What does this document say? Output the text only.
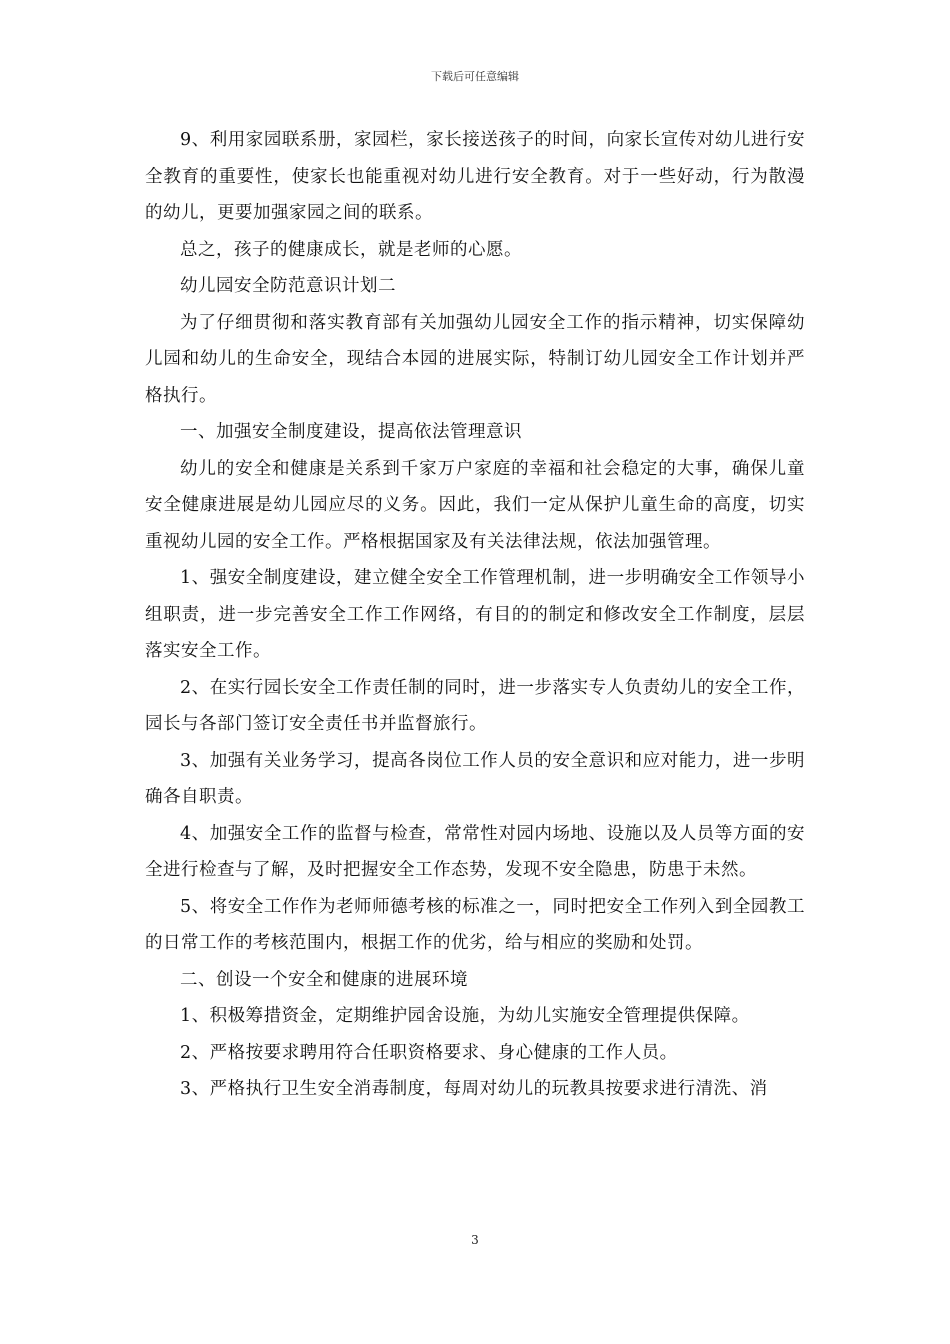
下载后可任意编辑

9、利用家园联系册，家园栏，家长接送孩子的时间，向家长宣传对幼儿进行安全教育的重要性，使家长也能重视对幼儿进行安全教育。对于一些好动，行为散漫的幼儿，更要加强家园之间的联系。

总之，孩子的健康成长，就是老师的心愿。

幼儿园安全防范意识计划二

为了仔细贯彻和落实教育部有关加强幼儿园安全工作的指示精神，切实保障幼儿园和幼儿的生命安全，现结合本园的进展实际，特制订幼儿园安全工作计划并严格执行。

一、加强安全制度建设，提高依法管理意识

幼儿的安全和健康是关系到千家万户家庭的幸福和社会稳定的大事，确保儿童安全健康进展是幼儿园应尽的义务。因此，我们一定从保护儿童生命的高度，切实重视幼儿园的安全工作。严格根据国家及有关法律法规，依法加强管理。

1、强安全制度建设，建立健全安全工作管理机制，进一步明确安全工作领导小组职责，进一步完善安全工作工作网络，有目的的制定和修改安全工作制度，层层落实安全工作。

2、在实行园长安全工作责任制的同时，进一步落实专人负责幼儿的安全工作，园长与各部门签订安全责任书并监督旅行。

3、加强有关业务学习，提高各岗位工作人员的安全意识和应对能力，进一步明确各自职责。

4、加强安全工作的监督与检查，常常性对园内场地、设施以及人员等方面的安全进行检查与了解，及时把握安全工作态势，发现不安全隐患，防患于未然。

5、将安全工作作为老师师德考核的标准之一，同时把安全工作列入到全园教工的日常工作的考核范围内，根据工作的优劣，给与相应的奖励和处罚。

二、创设一个安全和健康的进展环境

1、积极筹措资金，定期维护园舍设施，为幼儿实施安全管理提供保障。

2、严格按要求聘用符合任职资格要求、身心健康的工作人员。

3、严格执行卫生安全消毒制度，每周对幼儿的玩教具按要求进行清洗、消

3
